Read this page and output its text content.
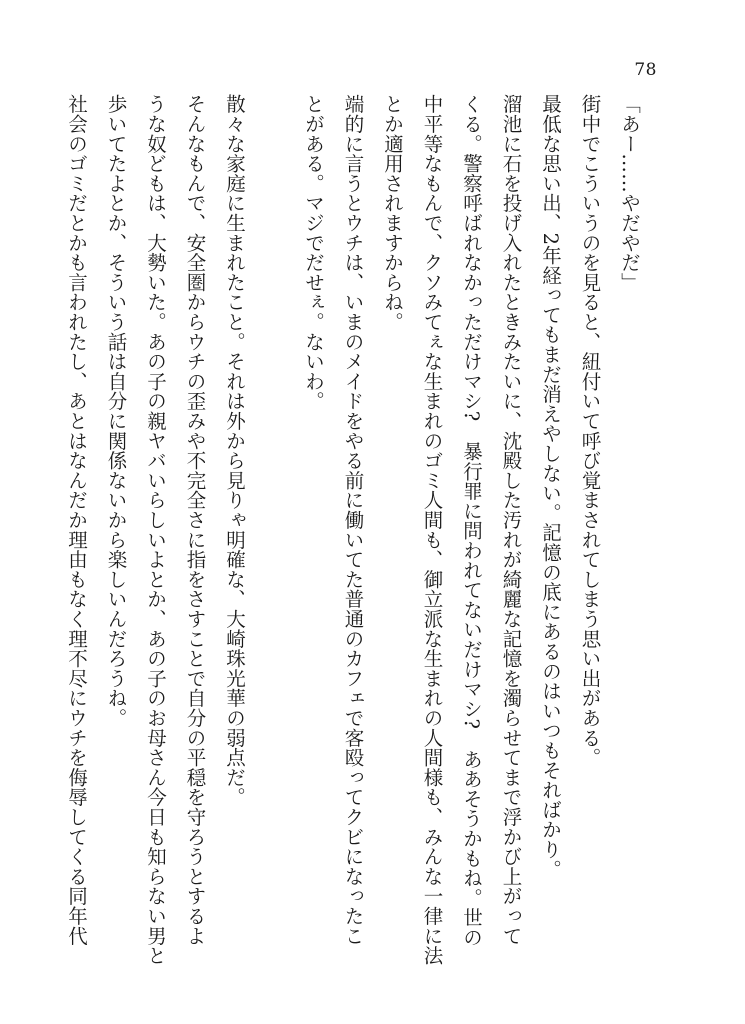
78
「あー……やだやだ」
街中でこういうのを見ると、紐付いて呼び覚まされてしまう思い出がある。
最低な思い出、2年経ってもまだ消えやしない。記憶の底にあるのはいつもそればかり。
溜池に石を投げ入れたときみたいに、沈殿した汚れが綺麗な記憶を濁らせてまで浮かび上がって
くる。警察呼ばれなかっただけマシ?　暴行罪に問われてないだけマシ?　ああそうかもね。世の
中平等なもんで、クソみてぇな生まれのゴミ人間も、御立派な生まれの人間様も、みんな一律に法
とか適用されますからね。
端的に言うとウチは、いまのメイドをやる前に働いてた普通のカフェで客殴ってクビになったこ
とがある。マジでだせぇ。ないわ。
散々な家庭に生まれたこと。それは外から見りゃ明確な、大崎珠光華の弱点だ。
そんなもんで、安全圏からウチの歪みや不完全さに指をさすことで自分の平穏を守ろうとするよ
うな奴どもは、大勢いた。あの子の親ヤバいらしいよとか、あの子のお母さん今日も知らない男と
歩いてたよとか、そういう話は自分に関係ないから楽しいんだろうね。
社会のゴミだとかも言われたし、あとはなんだか理由もなく理不尽にウチを侮辱してくる同年代
